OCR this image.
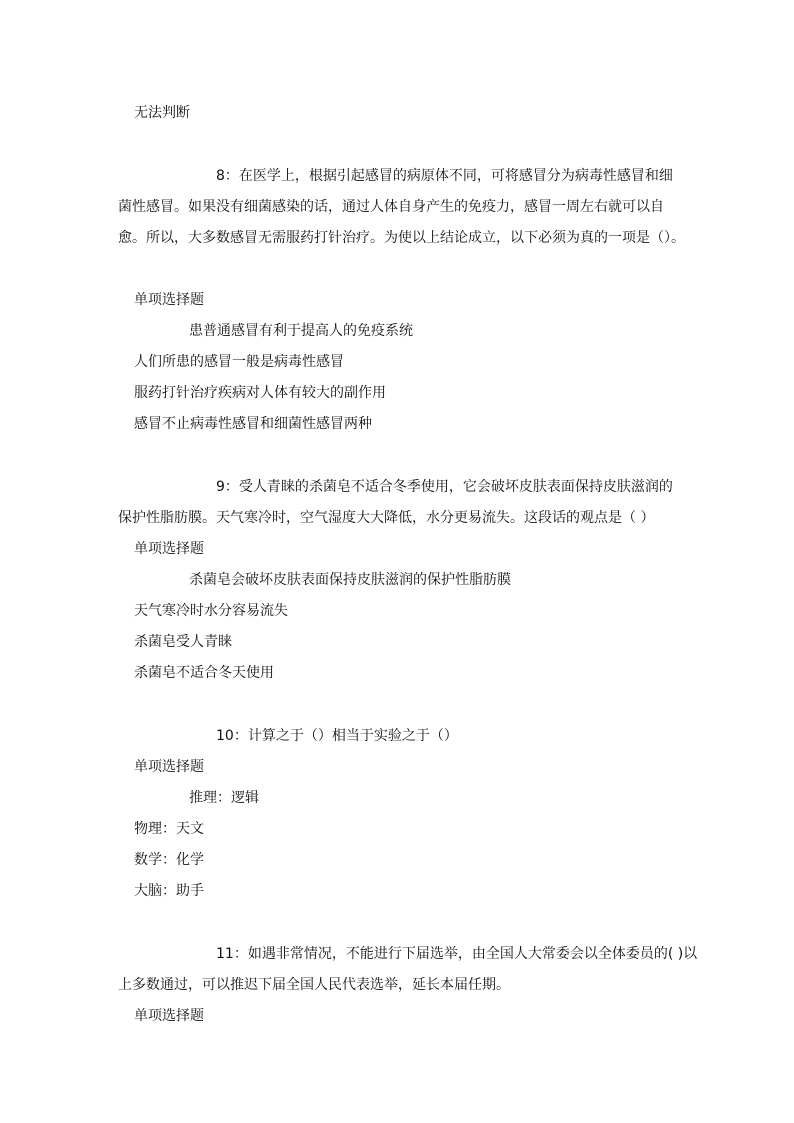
无法判断
8：在医学上，根据引起感冒的病原体不同，可将感冒分为病毒性感冒和细
菌性感冒。如果没有细菌感染的话，通过人体自身产生的免疫力，感冒一周左右就可以自
愈。所以，大多数感冒无需服药打针治疗。为使以上结论成立，以下必须为真的一项是（）。
单项选择题
患普通感冒有利于提高人的免疫系统
人们所患的感冒一般是病毒性感冒
服药打针治疗疾病对人体有较大的副作用
感冒不止病毒性感冒和细菌性感冒两种
9：受人青睐的杀菌皂不适合冬季使用，它会破坏皮肤表面保持皮肤滋润的
保护性脂肪膜。天气寒冷时，空气湿度大大降低，水分更易流失。这段话的观点是（ ）
单项选择题
杀菌皂会破坏皮肤表面保持皮肤滋润的保护性脂肪膜
天气寒冷时水分容易流失
杀菌皂受人青睐
杀菌皂不适合冬天使用
10：计算之于（）相当于实验之于（）
单项选择题
推理：逻辑
物理：天文
数学：化学
大脑：助手
11：如遇非常情况，不能进行下届选举，由全国人大常委会以全体委员的( )以
上多数通过，可以推迟下届全国人民代表选举，延长本届任期。
单项选择题
